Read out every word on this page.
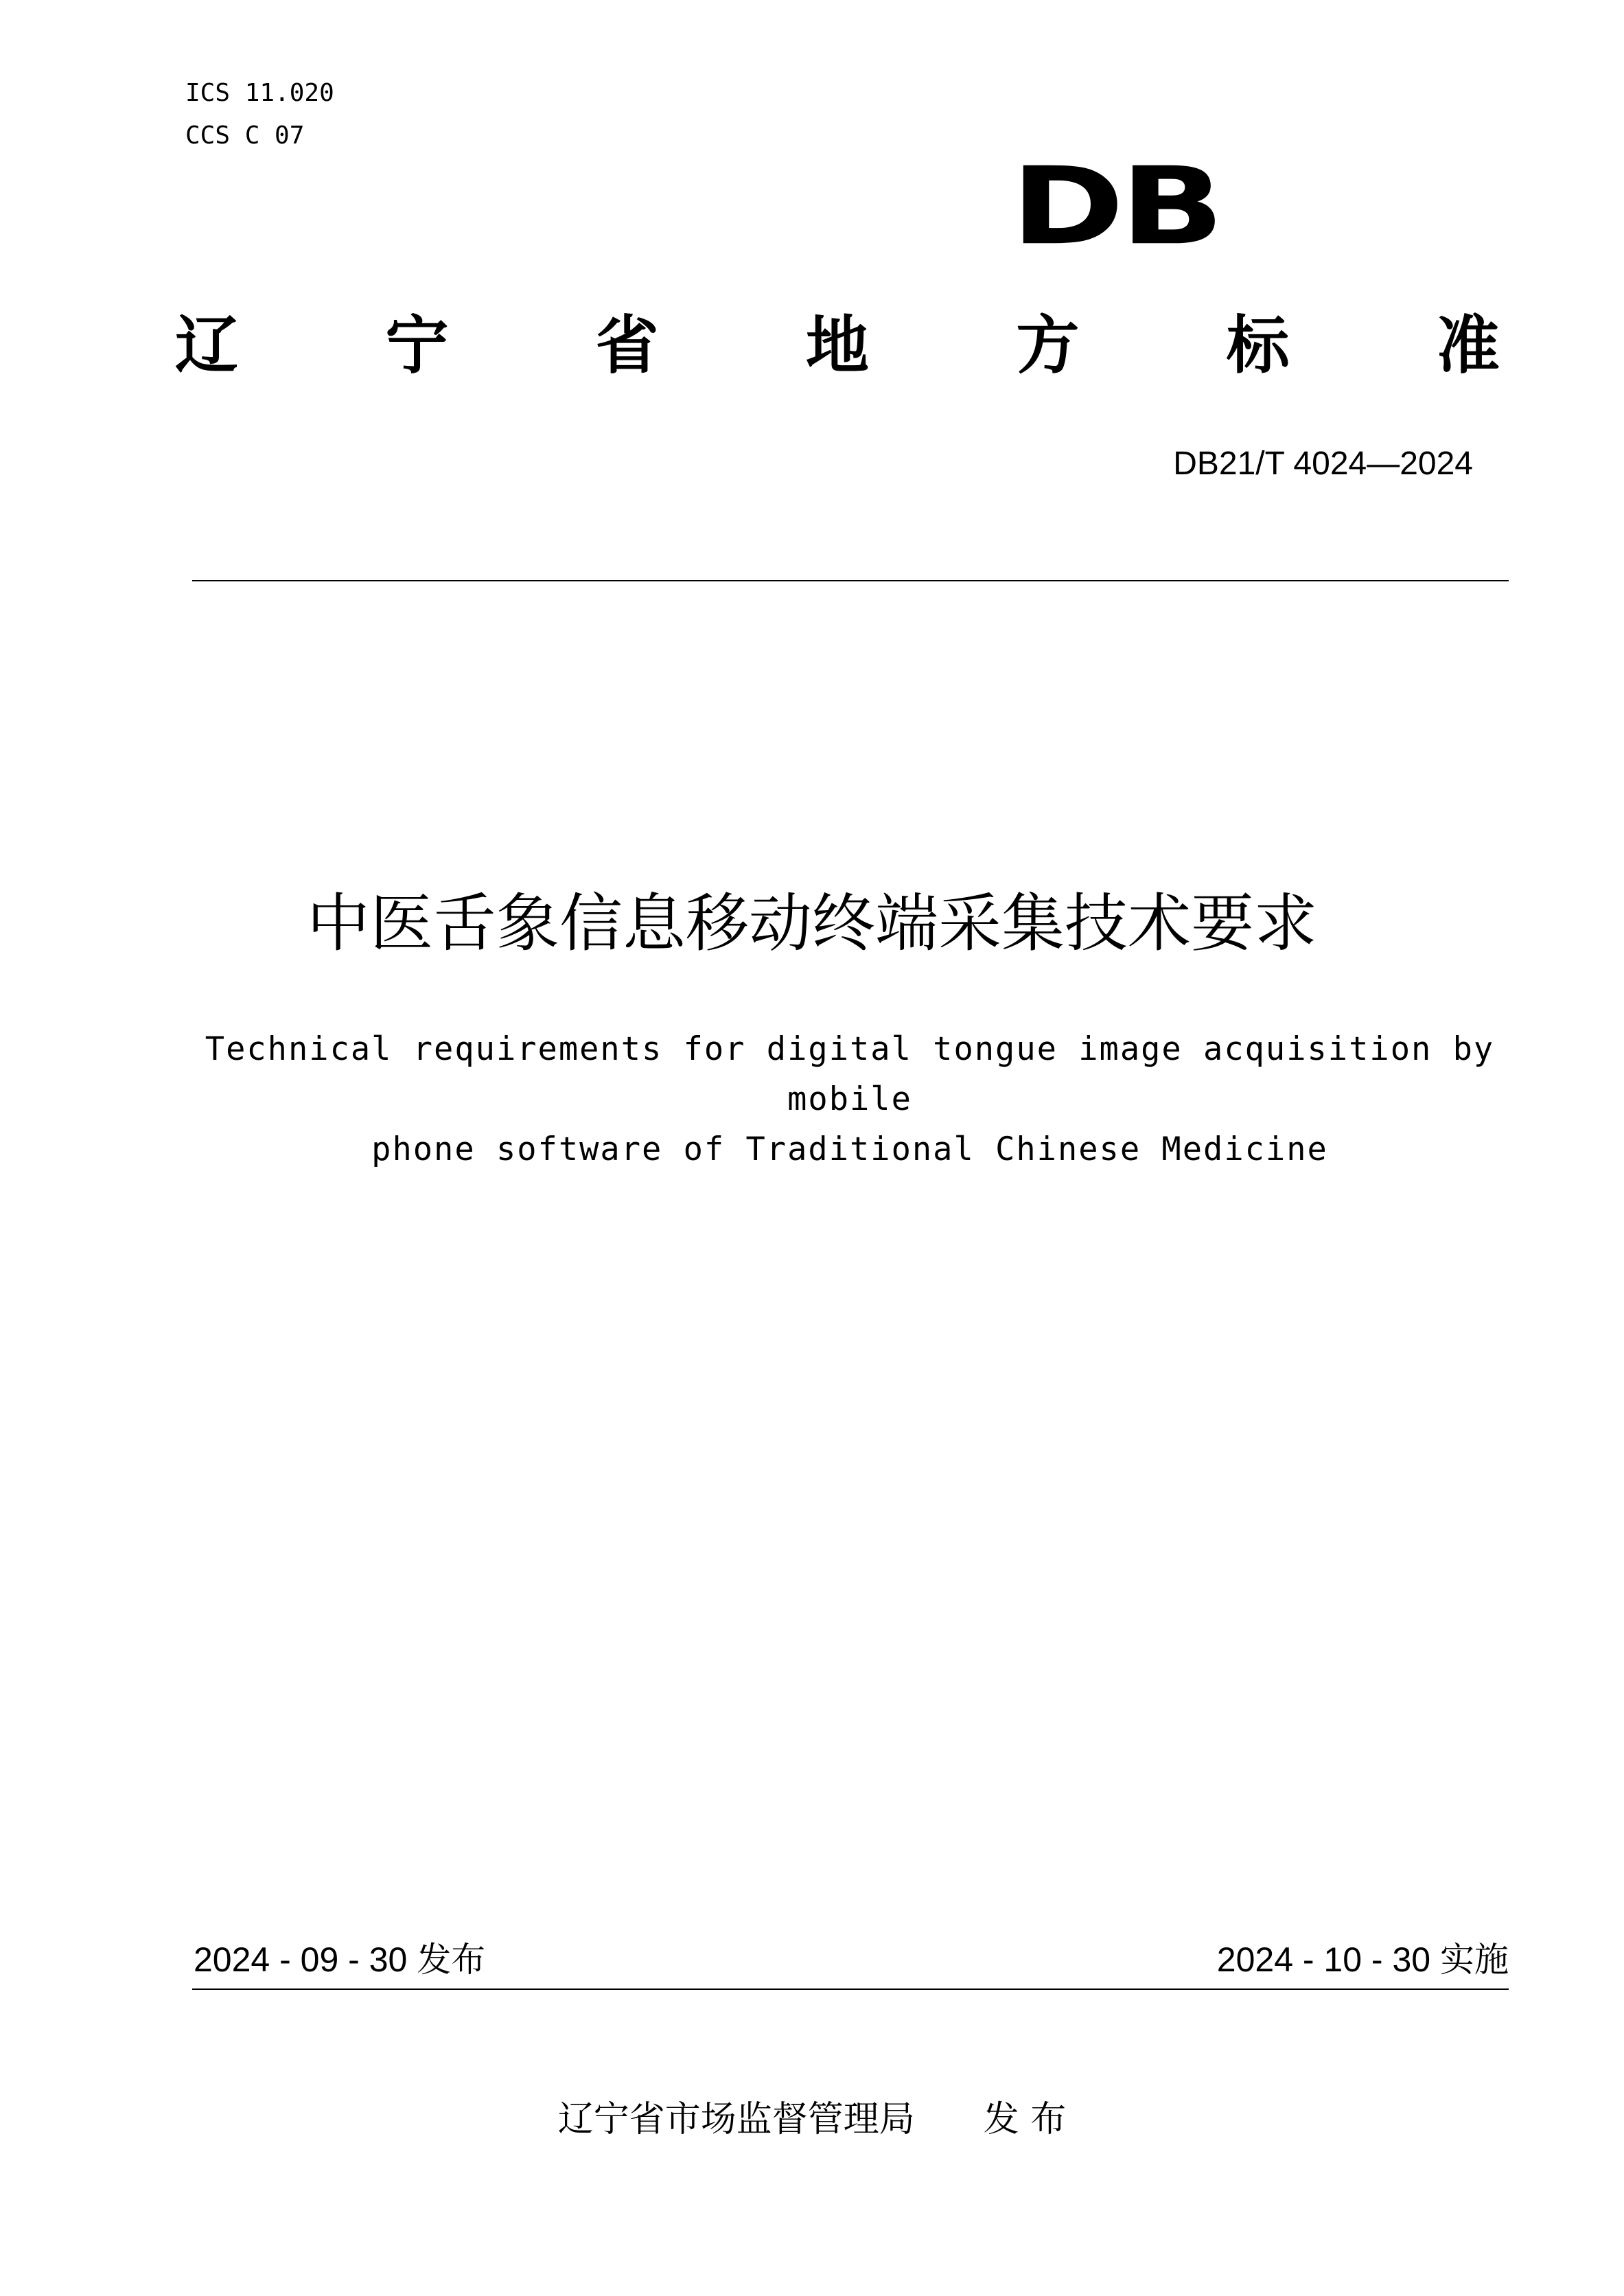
ICS 11.020
CCS C 07
DB
辽 宁 省 地 方 标 准
DB21/T 4024—2024
中医舌象信息移动终端采集技术要求
Technical requirements for digital tongue image acquisition by mobile
phone software of Traditional Chinese Medicine
2024 - 09 - 30 发布	2024 - 10 - 30 实施
辽宁省市场监督管理局 发 布
